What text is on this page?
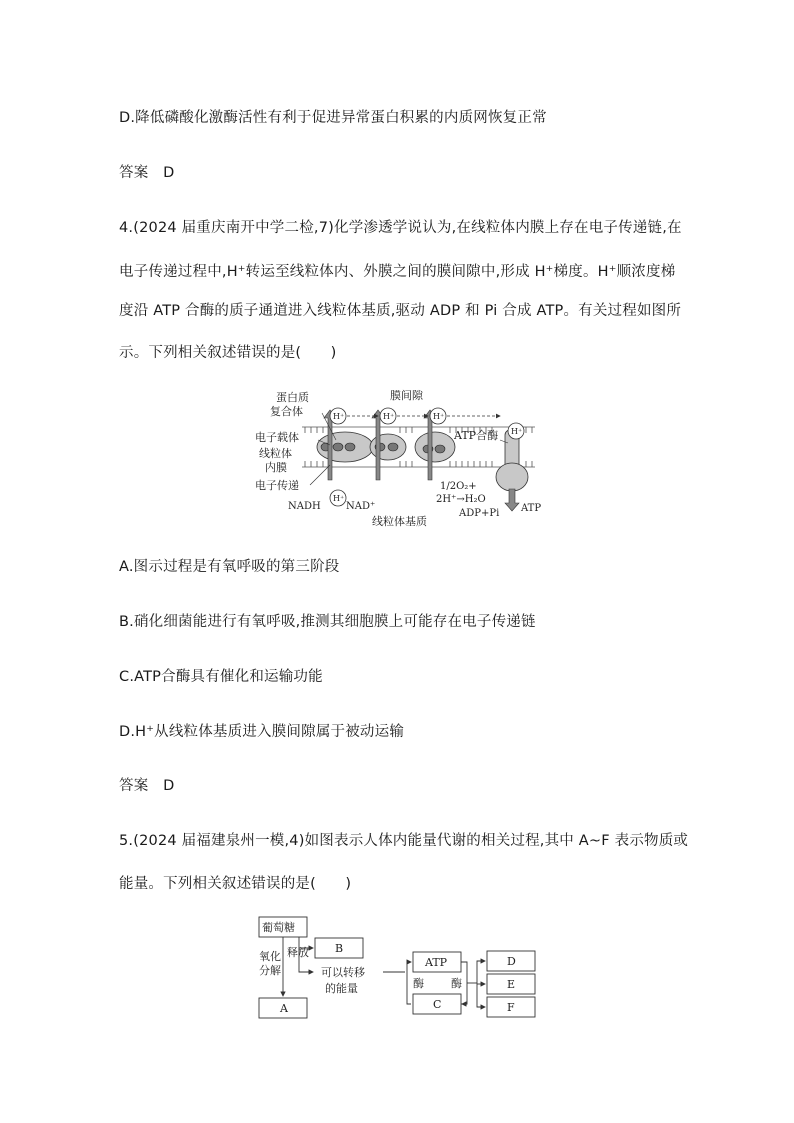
D.降低磷酸化激酶活性有利于促进异常蛋白积累的内质网恢复正常
答案　D
4.(2024 届重庆南开中学二检,7)化学渗透学说认为,在线粒体内膜上存在电子传递链,在
电子传递过程中,H⁺转运至线粒体内、外膜之间的膜间隙中,形成 H⁺梯度。H⁺顺浓度梯
度沿 ATP 合酶的质子通道进入线粒体基质,驱动 ADP 和 Pi 合成 ATP。有关过程如图所
示。下列相关叙述错误的是(　　)
H⁺	H⁺	H⁺
H⁺
H⁺
蛋白质
复合体
膜间隙
电子载体
线粒体
内膜
电子传递
ATP合酶
线粒体基质
NADH	NAD⁺
1/2O₂+
2H⁺→H₂O
ADP+Pi ATP
A.图示过程是有氧呼吸的第三阶段
B.硝化细菌能进行有氧呼吸,推测其细胞膜上可能存在电子传递链
C.ATP合酶具有催化和运输功能
D.H⁺从线粒体基质进入膜间隙属于被动运输
答案　D
5.(2024 届福建泉州一模,4)如图表示人体内能量代谢的相关过程,其中 A~F 表示物质或
能量。下列相关叙述错误的是(　　)
葡萄糖
B
A
ATP
C
D
E
F
氧化
分解
释放
可以转移
的能量	酶 酶
